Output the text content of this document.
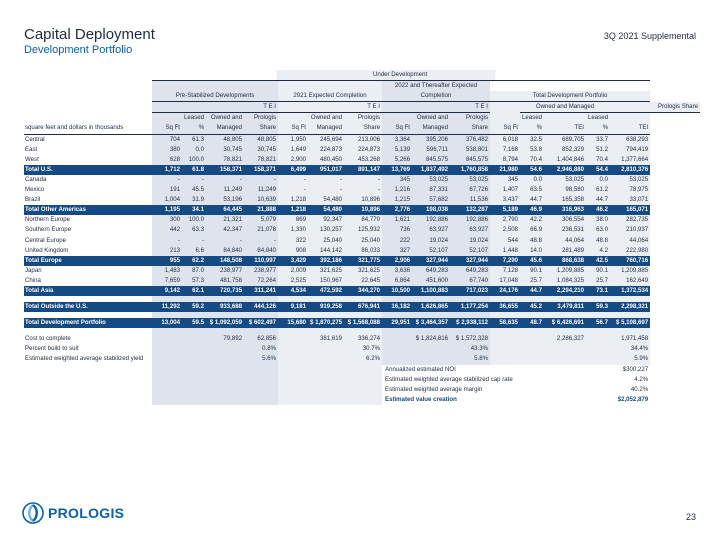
Capital Deployment
Development Portfolio
3Q 2021 Supplemental
	Under Development														
								2022 and Thereafter Expected							
	Pre-Stabilized Developments				2021 Expected Completion			Completion			Total Development Portfolio				
	T E I				T E I			T E I				Owned and Managed			Prologis Share
		Leased	Owned and	Prologis		Owned and	Prologis		Owned and	Prologis		Leased		Leased	
square feet and dollars in thousands	Sq Ft	%	Managed	Share	Sq Ft	Managed	Share	Sq Ft	Managed	Share	Sq Ft	%	TEI	%	TEI
Central	704	61.3	48,805	48,805	1,950	245,694	213,006	3,364	395,206	376,482	6,018	32.5	689,705	33.7	638,293
East	380	0.0	30,745	30,745	1,649	224,873	224,873	5,139	596,711	538,801	7,168	53.8	852,329	51.2	794,419
West	628	100.0	78,821	78,821	2,900	480,450	453,268	5,266	845,575	845,575	8,794	70.4	1,404,846	70.4	1,377,664
Total U.S.	1,712	61.8	158,371	158,371	6,499	951,017	891,147	13,769	1,837,492	1,760,858	21,980	54.6	2,946,880	54.4	2,810,376
Canada	-	-	-	-	-	-	-	345	53,025	53,025	345	0.0	53,025	0.0	53,025
Mexico	191	45.5	11,249	11,249	-	-	-	1,216	87,331	67,726	1,407	63.5	98,580	61.2	78,975
Brazil	1,004	31.9	53,196	10,639	1,218	54,480	10,896	1,215	57,682	11,536	3,437	44.7	165,358	44.7	33,071
Total Other Americas	1,195	34.1	64,445	21,888	1,218	54,480	10,896	2,776	198,038	132,287	5,189	46.9	316,963	46.2	165,071
Northern Europe	300	100.0	21,321	5,079	869	92,347	84,770	1,621	192,886	192,886	2,790	42.2	306,554	38.0	282,735
Southern Europe	442	63.3	42,347	21,078	1,330	130,257	125,932	736	63,927	63,927	2,508	66.9	236,531	63.0	210,937
Central Europe	-	-	-	-	322	25,040	25,040	222	19,024	19,024	544	48.8	44,064	48.8	44,064
United Kingdom	213	6.6	84,840	84,840	908	144,142	86,033	327	52,107	52,107	1,448	14.0	281,489	4.2	222,980
Total Europe	955	62.2	148,508	110,997	3,429	392,186	321,775	2,906	327,944	327,944	7,290	45.6	868,638	42.5	760,716
Japan	1,483	87.0	238,977	238,977	2,009	321,625	321,625	3,636	649,283	649,283	7,128	90.1	1,209,885	90.1	1,209,885
China	7,659	57.3	481,758	72,264	2,525	150,967	22,645	6,864	451,600	67,740	17,048	25.7	1,084,325	25.7	162,649
Total Asia	9,142	62.1	720,735	311,241	4,534	472,592	344,270	10,500	1,100,883	717,023	24,176	44.7	2,294,210	73.1	1,372,534

Total Outside the U.S.	11,292	59.2	933,688	444,126	9,181	919,258	676,941	16,182	1,626,865	1,177,254	36,655	45.2	3,479,811	59.3	2,298,321

Total Development Portfolio	13,004	59.5	$ 1,092,059	$ 602,497	15,680	$ 1,870,275	$ 1,568,088	29,951	$ 3,464,357	$ 2,938,112	58,635	48.7	$ 6,426,691	56.7	$ 5,108,697

Cost to complete			79,892	62,856		381,619	336,274		$ 1,824,816	$ 1,572,328			2,286,327		1,971,458
Percent build to suit				0.8%			30.7%			43.3%					34.4%
Estimated weighted average stabilized yield				5.6%			6.2%			5.8%					5.9%
								Annualized estimated NOI						$300,227	
								Estimated weighted average stabilized cap rate						4.2%	
								Estimated weighted average margin						40.2%	
								Estimated value creation						$2,052,879	
PROLOGIS	23
